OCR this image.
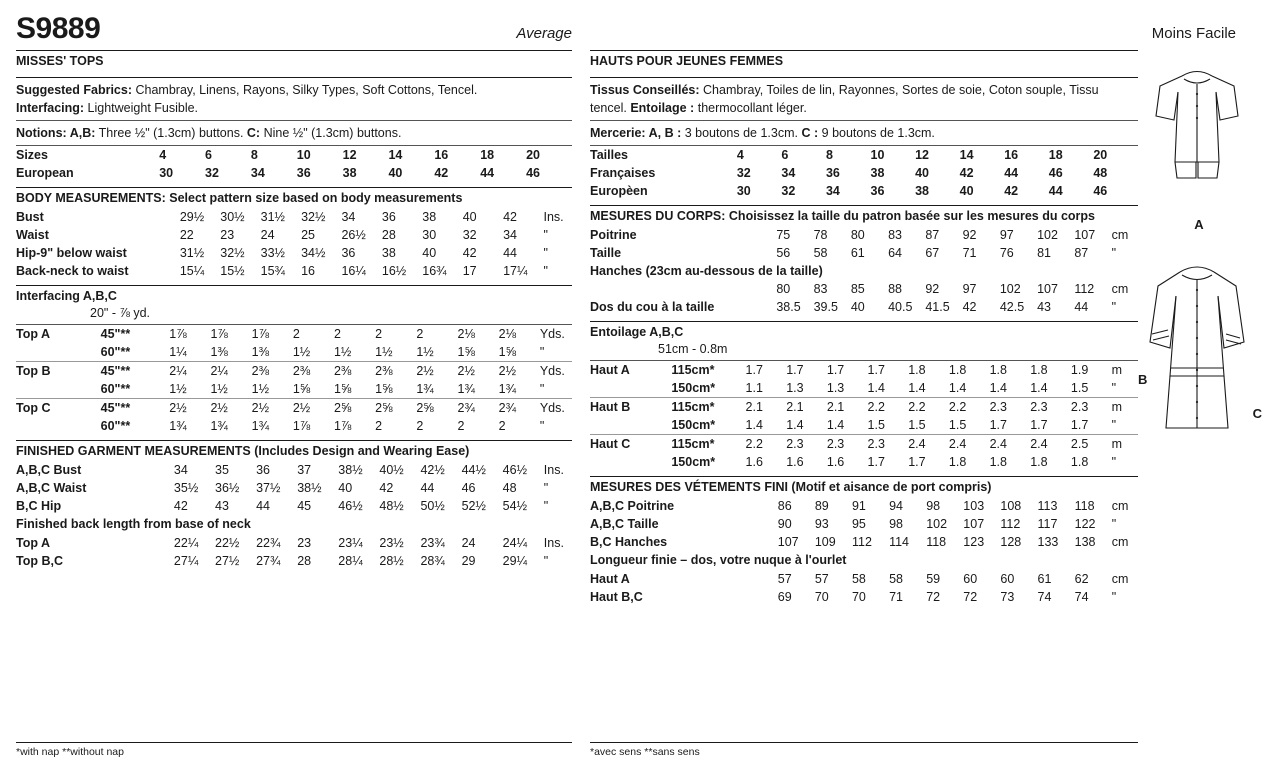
S9889	Average	Moins Facile
MISSES' TOPS
Suggested Fabrics: Chambray, Linens, Rayons, Silky Types, Soft Cottons, Tencel.
Interfacing: Lightweight Fusible.
Notions: A,B: Three ½" (1.3cm) buttons. C: Nine ½" (1.3cm) buttons.
Sizes	4	6	8	10	12	14	16	18	20
European	30	32	34	36	38	40	42	44	46
BODY MEASUREMENTS: Select pattern size based on body measurements
Bust	29½	30½	31½	32½	34	36	38	40	42	Ins.
Waist	22	23	24	25	26½	28	30	32	34	"
Hip-9" below waist	31½	32½	33½	34½	36	38	40	42	44	"
Back-neck to waist	15¼	15½	15¾	16	16¼	16½	16¾	17	17¼	"
Interfacing A,B,C
20" - ⅞ yd.
Top A	45"**	1⅞	1⅞	1⅞	2	2	2	2	2⅛	2⅛	Yds.
	60"**	1¼	1⅜	1⅜	1½	1½	1½	1½	1⅝	1⅝	"
Top B	45"**	2¼	2¼	2⅜	2⅜	2⅜	2⅜	2½	2½	2½	Yds.
	60"**	1½	1½	1½	1⅝	1⅝	1⅝	1¾	1¾	1¾	"
Top C	45"**	2½	2½	2½	2½	2⅝	2⅝	2⅝	2¾	2¾	Yds.
	60"**	1¾	1¾	1¾	1⅞	1⅞	2	2	2	2	"
FINISHED GARMENT MEASUREMENTS (Includes Design and Wearing Ease)
A,B,C Bust	34	35	36	37	38½	40½	42½	44½	46½	Ins.
A,B,C Waist	35½	36½	37½	38½	40	42	44	46	48	"
B,C Hip	42	43	44	45	46½	48½	50½	52½	54½	"
Finished back length from base of neck
Top A	22¼	22½	22¾	23	23¼	23½	23¾	24	24¼	Ins.
Top B,C	27¼	27½	27¾	28	28¼	28½	28¾	29	29¼	"
HAUTS POUR JEUNES FEMMES
Tissus Conseillés: Chambray, Toiles de lin, Rayonnes, Sortes de soie, Coton souple, Tissu tencel. Entoilage : thermocollant léger.
Mercerie: A, B : 3 boutons de 1.3cm. C : 9 boutons de 1.3cm.
Tailles	4	6	8	10	12	14	16	18	20
Françaises	32	34	36	38	40	42	44	46	48
Europèen	30	32	34	36	38	40	42	44	46
MESURES DU CORPS: Choisissez la taille du patron basée sur les mesures du corps
Poitrine	75	78	80	83	87	92	97	102	107	cm
Taille	56	58	61	64	67	71	76	81	87	"
Hanches (23cm au-dessous de la taille)
	80	83	85	88	92	97	102	107	112	cm
Dos du cou à la taille	38.5	39.5	40	40.5	41.5	42	42.5	43	44	"
Entoilage A,B,C
51cm - 0.8m
Haut A	115cm*	1.7	1.7	1.7	1.7	1.8	1.8	1.8	1.8	1.9	m
	150cm*	1.1	1.3	1.3	1.4	1.4	1.4	1.4	1.4	1.5	"
Haut B	115cm*	2.1	2.1	2.1	2.2	2.2	2.2	2.3	2.3	2.3	m
	150cm*	1.4	1.4	1.4	1.5	1.5	1.5	1.7	1.7	1.7	"
Haut C	115cm*	2.2	2.3	2.3	2.3	2.4	2.4	2.4	2.4	2.5	m
	150cm*	1.6	1.6	1.6	1.7	1.7	1.8	1.8	1.8	1.8	"
MESURES DES VÉTEMENTS FINI (Motif et aisance de port compris)
A,B,C Poitrine	86	89	91	94	98	103	108	113	118	cm
A,B,C Taille	90	93	95	98	102	107	112	117	122	"
B,C Hanches	107	109	112	114	118	123	128	133	138	cm
Longueur finie – dos, votre nuque à l'ourlet
Haut A	57	57	58	58	59	60	60	61	62	cm
Haut B,C	69	70	70	71	72	72	73	74	74	"
A
B
C
*with nap **without nap	*avec sens **sans sens
